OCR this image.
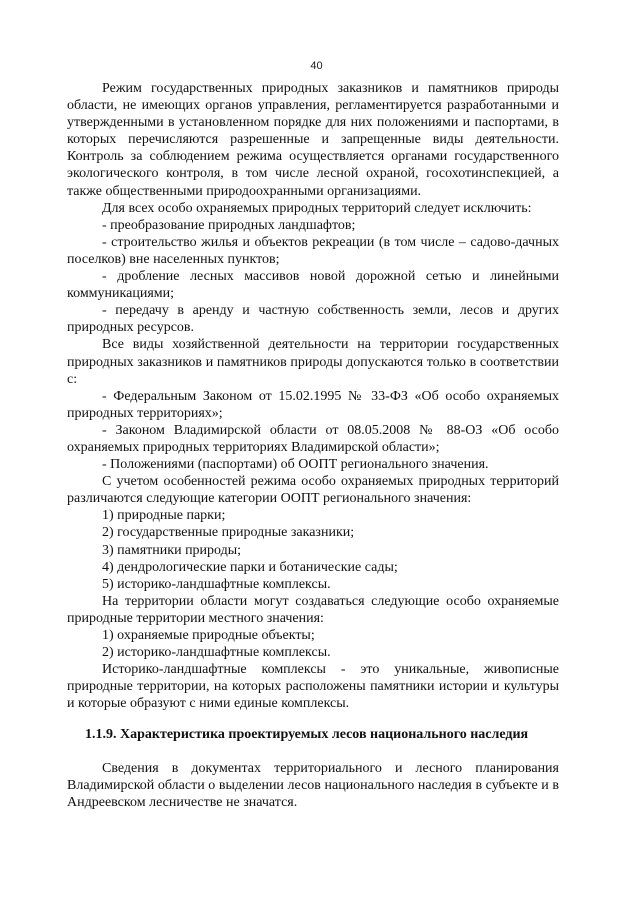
40

Режим государственных природных заказников и памятников природы области, не имеющих органов управления, регламентируется разработанными и утвержденными в установленном порядке для них положениями и паспортами, в которых перечисляются разрешенные и запрещенные виды деятельности. Контроль за соблюдением режима осуществляется органами государственного экологического контроля, в том числе лесной охраной, госохотинспекцией, а также общественными природоохранными организациями.

Для всех особо охраняемых природных территорий следует исключить:

- преобразование природных ландшафтов;

- строительство жилья и объектов рекреации (в том числе – садово-дачных поселков) вне населенных пунктов;

- дробление лесных массивов новой дорожной сетью и линейными коммуникациями;

- передачу в аренду и частную собственность земли, лесов и других природных ресурсов.

Все виды хозяйственной деятельности на территории государственных природных заказников и памятников природы допускаются только в соответствии с:

- Федеральным Законом от 15.02.1995 № 33-ФЗ «Об особо охраняемых природных территориях»;

- Законом Владимирской области от 08.05.2008 № 88-ОЗ «Об особо охраняемых природных территориях Владимирской области»;

- Положениями (паспортами) об ООПТ регионального значения.

С учетом особенностей режима особо охраняемых природных территорий различаются следующие категории ООПТ регионального значения:

1) природные парки;

2) государственные природные заказники;

3) памятники природы;

4) дендрологические парки и ботанические сады;

5) историко-ландшафтные комплексы.

На территории области могут создаваться следующие особо охраняемые природные территории местного значения:

1) охраняемые природные объекты;

2) историко-ландшафтные комплексы.

Историко-ландшафтные комплексы - это уникальные, живописные природные территории, на которых расположены памятники истории и культуры и которые образуют с ними единые комплексы.

1.1.9. Характеристика проектируемых лесов национального наследия

Сведения в документах территориального и лесного планирования Владимирской области о выделении лесов национального наследия в субъекте и в Андреевском лесничестве не значатся.
